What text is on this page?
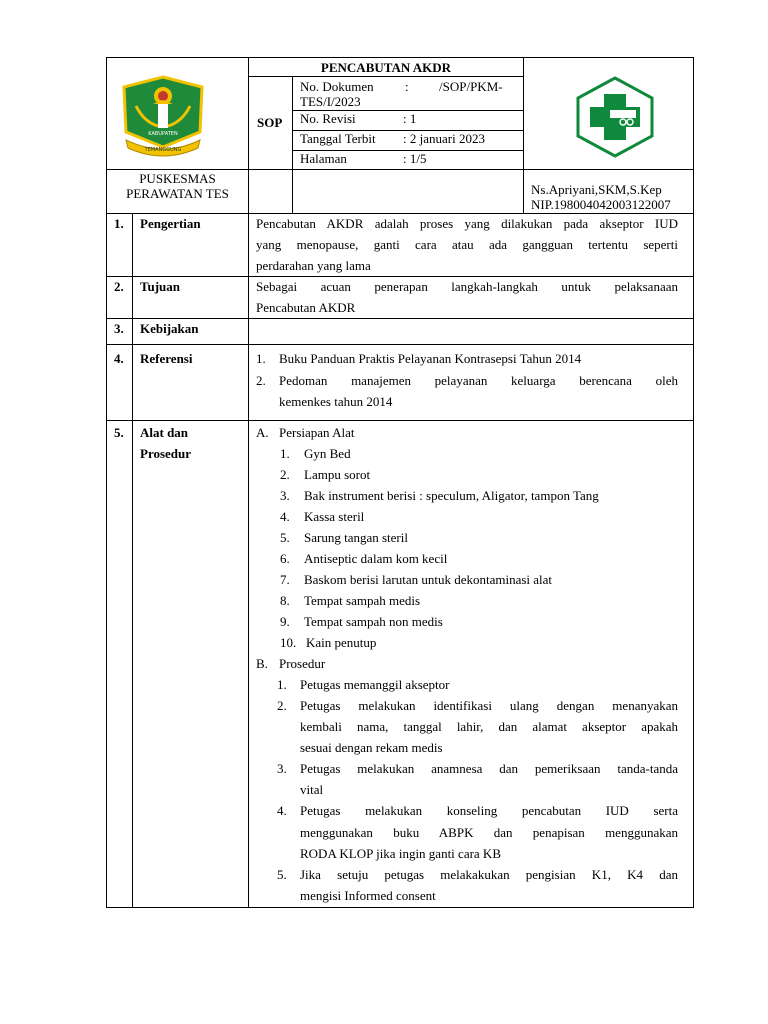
KABUPATEN
TEMANGGUNG
PENCABUTAN AKDR
SOP
No. Dokumen : /SOP/PKM-
TES/I/2023
No. Revisi	: 1
Tanggal Terbit : 2 januari 2023
Halaman	: 1/5
PUSKESMAS
PERAWATAN TES	Ns.Apriyani,SKM,S.Kep
NIP.198004042003122007
1. Pengertian	Pencabutan AKDR adalah proses yang dilakukan pada akseptor IUD
yang menopause, ganti cara atau ada gangguan tertentu seperti
perdarahan yang lama
2. Tujuan	Sebagai acuan penerapan langkah-langkah untuk pelaksanaan
Pencabutan AKDR
3. Kebijakan
4. Referensi	1. Buku Panduan Praktis Pelayanan Kontrasepsi Tahun 2014
2. Pedoman manajemen pelayanan keluarga berencana oleh
kemenkes tahun 2014
5. Alat dan
Prosedur
A. Persiapan Alat
1. Gyn Bed
2. Lampu sorot
3. Bak instrument berisi : speculum, Aligator, tampon Tang
4. Kassa steril
5. Sarung tangan steril
6. Antiseptic dalam kom kecil
7. Baskom berisi larutan untuk dekontaminasi alat
8. Tempat sampah medis
9. Tempat sampah non medis
10. Kain penutup
B. Prosedur
1. Petugas memanggil akseptor
2. Petugas melakukan identifikasi ulang dengan menanyakan
kembali nama, tanggal lahir, dan alamat akseptor apakah
sesuai dengan rekam medis
3. Petugas melakukan anamnesa dan pemeriksaan tanda-tanda
vital
4. Petugas melakukan konseling pencabutan IUD serta
menggunakan buku ABPK dan penapisan menggunakan
RODA KLOP jika ingin ganti cara KB
5. Jika setuju petugas melakakukan pengisian K1, K4 dan
mengisi Informed consent
